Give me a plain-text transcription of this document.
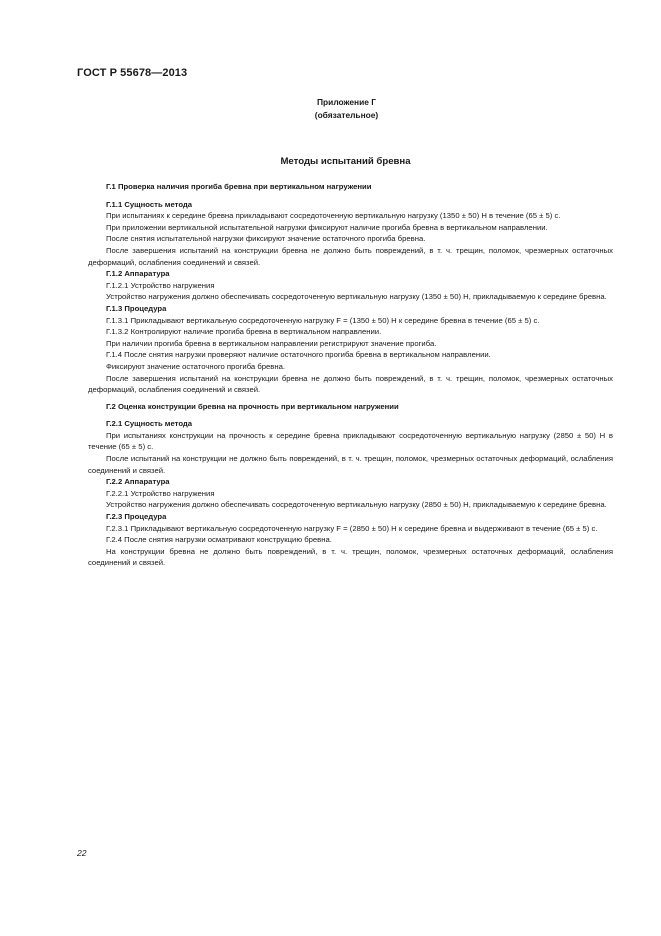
ГОСТ Р 55678—2013
Приложение Г
(обязательное)
Методы испытаний бревна

Г.1 Проверка наличия прогиба бревна при вертикальном нагружении

Г.1.1 Сущность метода

При испытаниях к середине бревна прикладывают сосредоточенную вертикальную нагрузку (1350 ± 50) Н в течение (65 ± 5) с.

При приложении вертикальной испытательной нагрузки фиксируют наличие прогиба бревна в вертикальном направлении.

После снятия испытательной нагрузки фиксируют значение остаточного прогиба бревна.

После завершения испытаний на конструкции бревна не должно быть повреждений, в т. ч. трещин, поломок, чрезмерных остаточных деформаций, ослабления соединений и связей.

Г.1.2 Аппаратура

Г.1.2.1 Устройство нагружения

Устройство нагружения должно обеспечивать сосредоточенную вертикальную нагрузку (1350 ± 50) Н, прикладываемую к середине бревна.

Г.1.3 Процедура

Г.1.3.1 Прикладывают вертикальную сосредоточенную нагрузку F = (1350 ± 50) Н к середине бревна в течение (65 ± 5) с.

Г.1.3.2 Контролируют наличие прогиба бревна в вертикальном направлении.

При наличии прогиба бревна в вертикальном направлении регистрируют значение прогиба.

Г.1.4 После снятия нагрузки проверяют наличие остаточного прогиба бревна в вертикальном направлении.

Фиксируют значение остаточного прогиба бревна.

После завершения испытаний на конструкции бревна не должно быть повреждений, в т. ч. трещин, поломок, чрезмерных остаточных деформаций, ослабления соединений и связей.

Г.2 Оценка конструкции бревна на прочность при вертикальном нагружении

Г.2.1 Сущность метода

При испытаниях конструкции на прочность к середине бревна прикладывают сосредоточенную вертикальную нагрузку (2850 ± 50) Н в течение (65 ± 5) с.

После испытаний на конструкции не должно быть повреждений, в т. ч. трещин, поломок, чрезмерных остаточных деформаций, ослабления соединений и связей.

Г.2.2 Аппаратура

Г.2.2.1 Устройство нагружения

Устройство нагружения должно обеспечивать сосредоточенную вертикальную нагрузку (2850 ± 50) Н, прикладываемую к середине бревна.

Г.2.3 Процедура

Г.2.3.1 Прикладывают вертикальную сосредоточенную нагрузку F = (2850 ± 50) Н к середине бревна и выдерживают в течение (65 ± 5) с.

Г.2.4 После снятия нагрузки осматривают конструкцию бревна.

На конструкции бревна не должно быть повреждений, в т. ч. трещин, поломок, чрезмерных остаточных деформаций, ослабления соединений и связей.

22
